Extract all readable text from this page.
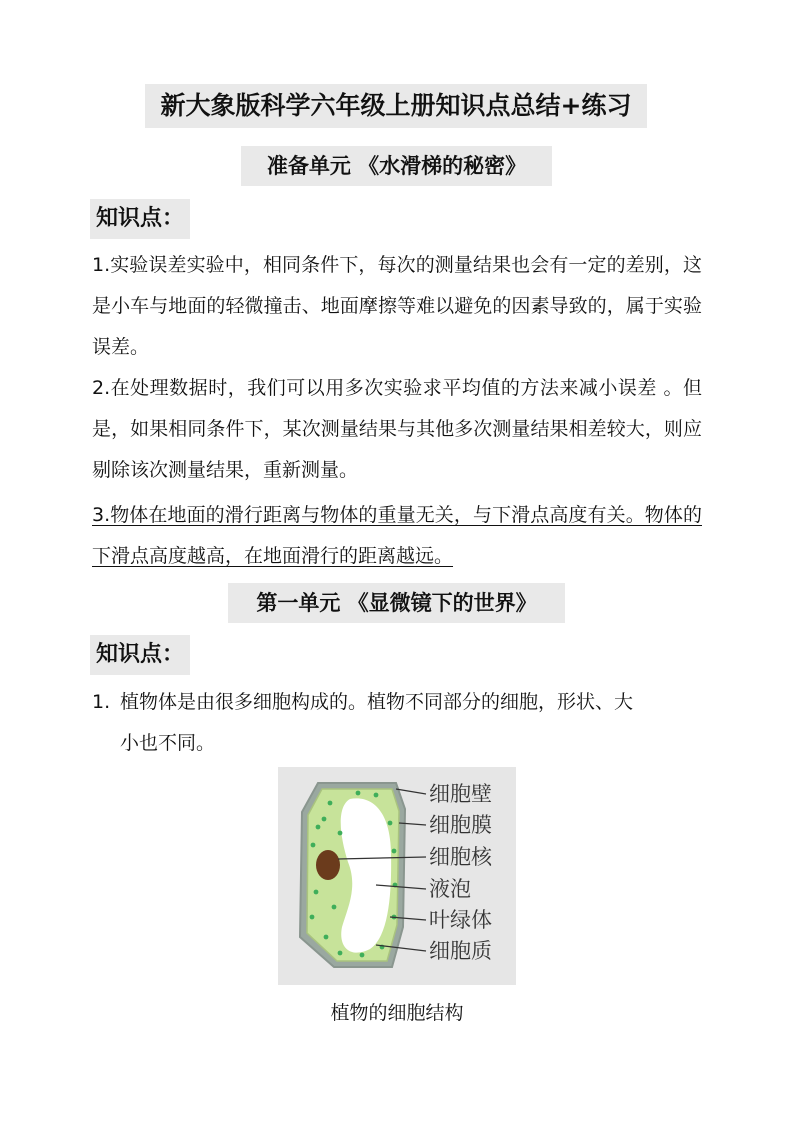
新大象版科学六年级上册知识点总结+练习
准备单元 《水滑梯的秘密》
知识点：

1.实验误差实验中，相同条件下，每次的测量结果也会有一定的差别，这是小车与地面的轻微撞击、地面摩擦等难以避免的因素导致的，属于实验误差。

2.在处理数据时，我们可以用多次实验求平均值的方法来减小误差 。但是，如果相同条件下，某次测量结果与其他多次测量结果相差较大，则应剔除该次测量结果，重新测量。

3.物体在地面的滑行距离与物体的重量无关，与下滑点高度有关。物体的下滑点高度越高，在地面滑行的距离越远。

第一单元 《显微镜下的世界》
知识点：
1. 植物体是由很多细胞构成的。植物不同部分的细胞，形状、大
小也不同。
细胞壁
细胞膜
细胞核
液泡
叶绿体
细胞质
植物的细胞结构
